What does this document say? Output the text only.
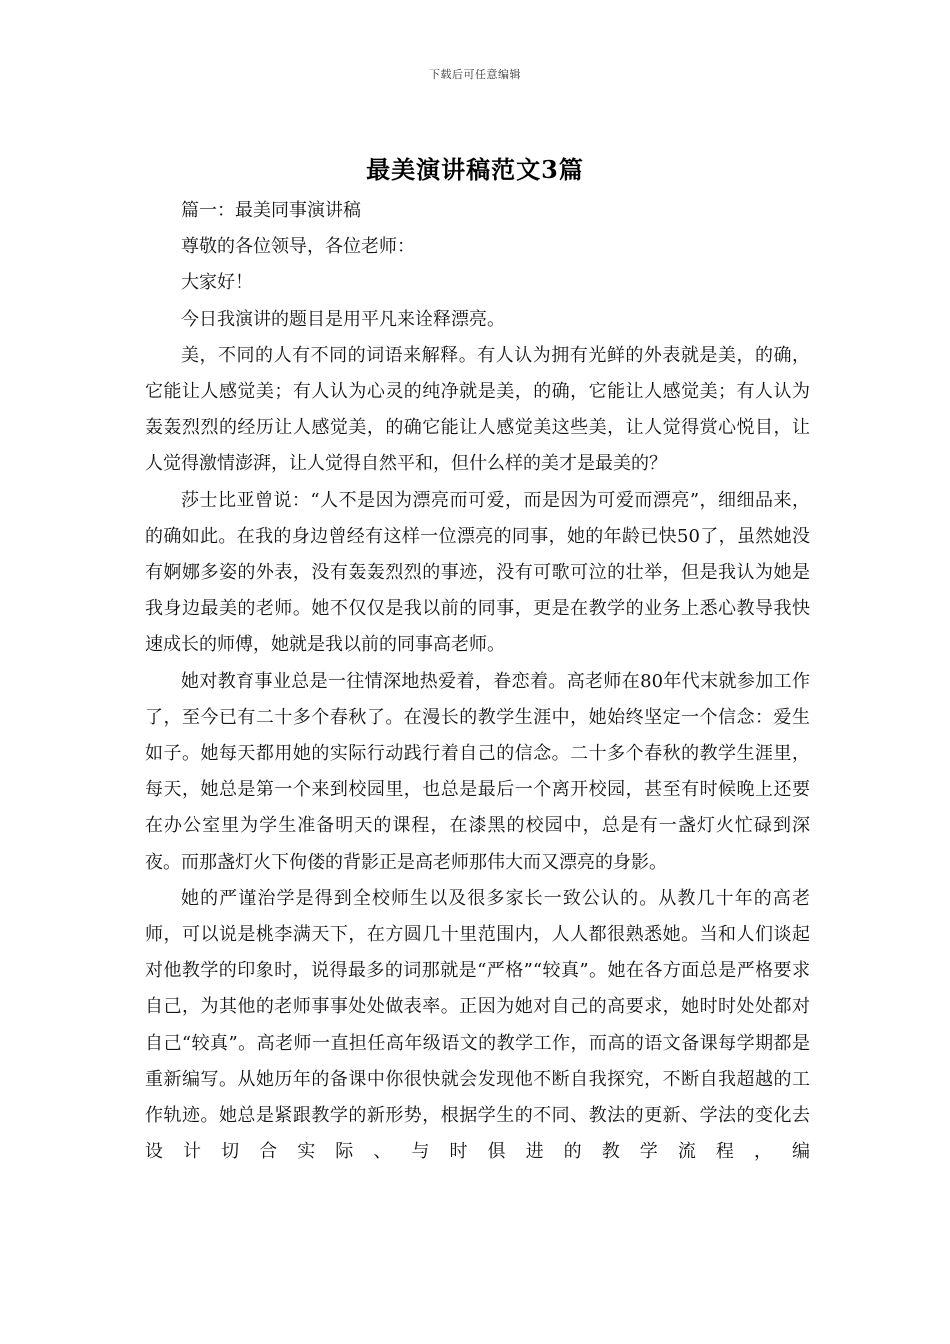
下载后可任意编辑
最美演讲稿范文3篇

篇一：最美同事演讲稿

尊敬的各位领导，各位老师：

大家好！

今日我演讲的题目是用平凡来诠释漂亮。

美，不同的人有不同的词语来解释。有人认为拥有光鲜的外表就是美，的确，它能让人感觉美；有人认为心灵的纯净就是美，的确，它能让人感觉美；有人认为轰轰烈烈的经历让人感觉美，的确它能让人感觉美这些美，让人觉得赏心悦目，让人觉得激情澎湃，让人觉得自然平和，但什么样的美才是最美的？

莎士比亚曾说：“人不是因为漂亮而可爱，而是因为可爱而漂亮”，细细品来，的确如此。在我的身边曾经有这样一位漂亮的同事，她的年龄已快50了，虽然她没有婀娜多姿的外表，没有轰轰烈烈的事迹，没有可歌可泣的壮举，但是我认为她是我身边最美的老师。她不仅仅是我以前的同事，更是在教学的业务上悉心教导我快速成长的师傅，她就是我以前的同事高老师。

她对教育事业总是一往情深地热爱着，眷恋着。高老师在80年代末就参加工作了，至今已有二十多个春秋了。在漫长的教学生涯中，她始终坚定一个信念：爱生如子。她每天都用她的实际行动践行着自己的信念。二十多个春秋的教学生涯里，每天，她总是第一个来到校园里，也总是最后一个离开校园，甚至有时候晚上还要在办公室里为学生准备明天的课程，在漆黑的校园中，总是有一盏灯火忙碌到深夜。而那盏灯火下佝偻的背影正是高老师那伟大而又漂亮的身影。

她的严谨治学是得到全校师生以及很多家长一致公认的。从教几十年的高老师，可以说是桃李满天下，在方圆几十里范围内，人人都很熟悉她。当和人们谈起对他教学的印象时，说得最多的词那就是“严格”“较真”。她在各方面总是严格要求自己，为其他的老师事事处处做表率。正因为她对自己的高要求，她时时处处都对自己“较真”。高老师一直担任高年级语文的教学工作，而高的语文备课每学期都是重新编写。从她历年的备课中你很快就会发现他不断自我探究，不断自我超越的工作轨迹。她总是紧跟教学的新形势，根据学生的不同、教法的更新、学法的变化去设计切合实际、与时俱进的教学流程，编
